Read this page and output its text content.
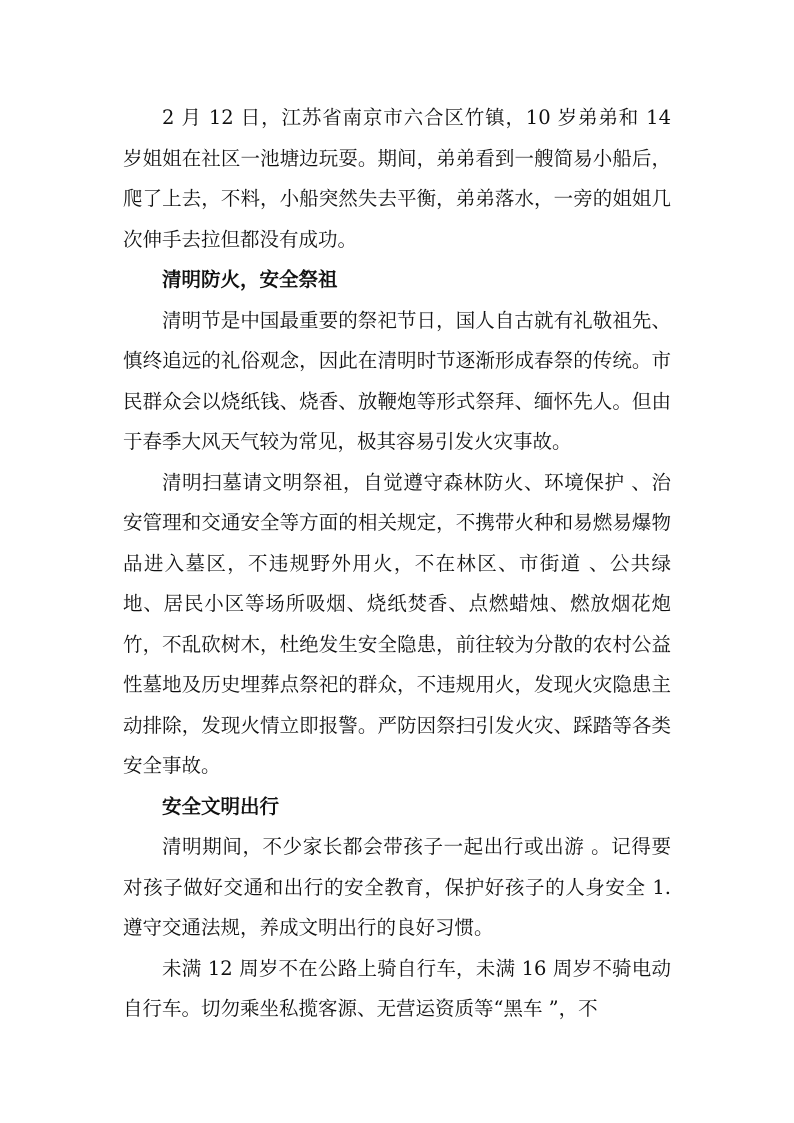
2 月 12 日，江苏省南京市六合区竹镇，10 岁弟弟和 14 岁姐姐在社区一池塘边玩耍。期间，弟弟看到一艘简易小船后，爬了上去，不料，小船突然失去平衡，弟弟落水，一旁的姐姐几次伸手去拉但都没有成功。

清明防火，安全祭祖

清明节是中国最重要的祭祀节日，国人自古就有礼敬祖先、慎终追远的礼俗观念，因此在清明时节逐渐形成春祭的传统。市民群众会以烧纸钱、烧香、放鞭炮等形式祭拜、缅怀先人。但由于春季大风天气较为常见，极其容易引发火灾事故。

清明扫墓请文明祭祖，自觉遵守森林防火、环境保护 、治安管理和交通安全等方面的相关规定，不携带火种和易燃易爆物品进入墓区，不违规野外用火，不在林区、市街道 、公共绿地、居民小区等场所吸烟、烧纸焚香、点燃蜡烛、燃放烟花炮竹，不乱砍树木，杜绝发生安全隐患，前往较为分散的农村公益性墓地及历史埋葬点祭祀的群众，不违规用火，发现火灾隐患主动排除，发现火情立即报警。严防因祭扫引发火灾、踩踏等各类安全事故。

安全文明出行

清明期间，不少家长都会带孩子一起出行或出游 。记得要对孩子做好交通和出行的安全教育，保护好孩子的人身安全 1.遵守交通法规，养成文明出行的良好习惯。

未满 12 周岁不在公路上骑自行车，未满 16 周岁不骑电动自行车。切勿乘坐私揽客源、无营运资质等“黑车 ”，不
